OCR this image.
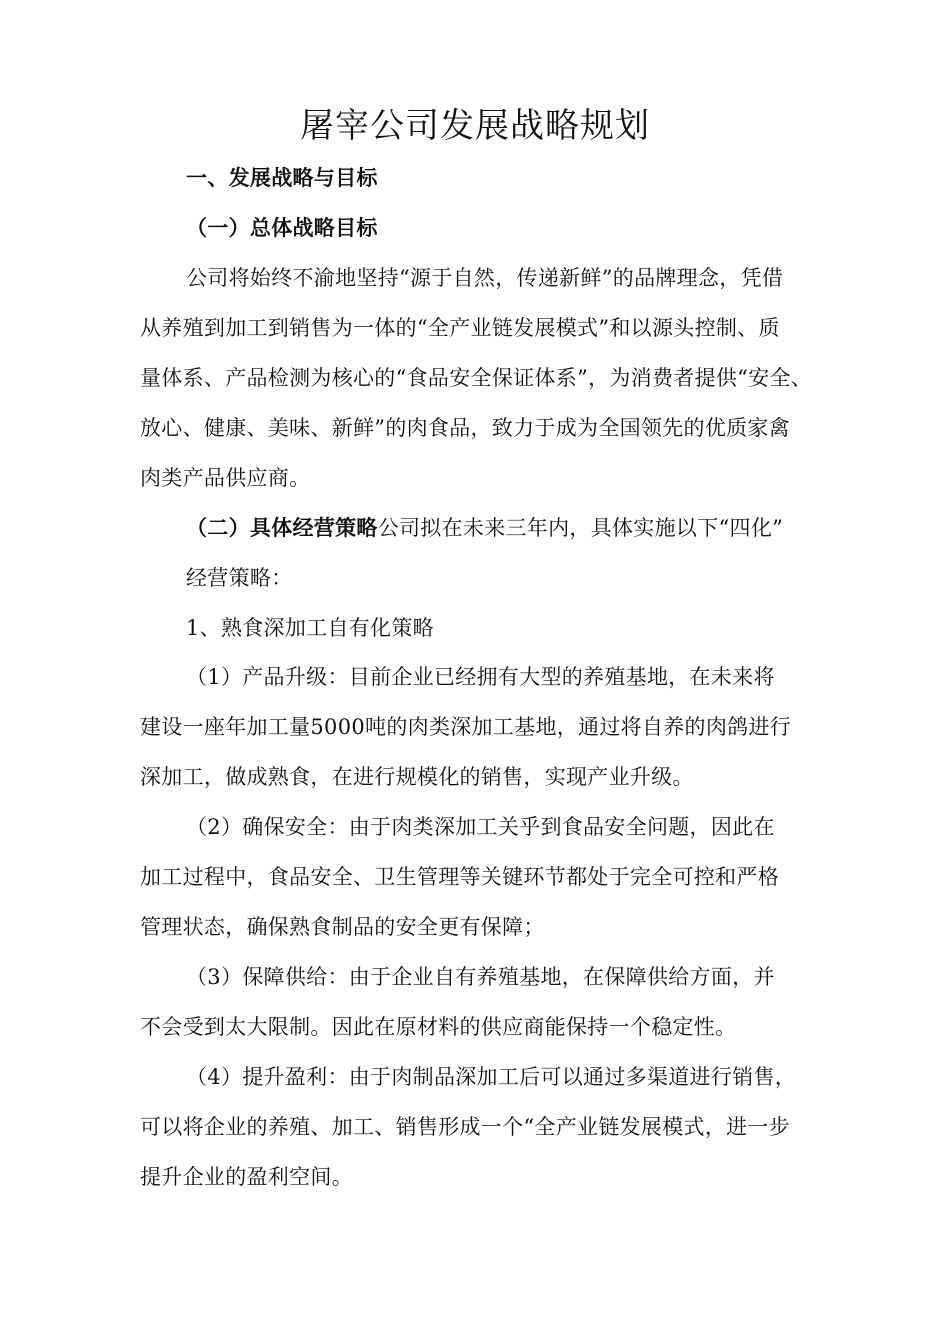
屠宰公司发展战略规划
一、发展战略与目标
（一）总体战略目标
公司将始终不渝地坚持“源于自然，传递新鲜”的品牌理念，凭借
从养殖到加工到销售为一体的“全产业链发展模式”和以源头控制、质
量体系、产品检测为核心的“食品安全保证体系”，为消费者提供“安全、
放心、健康、美味、新鲜”的肉食品，致力于成为全国领先的优质家禽
肉类产品供应商。
（二）具体经营策略公司拟在未来三年内，具体实施以下“四化”
经营策略：
1、熟食深加工自有化策略
（1）产品升级：目前企业已经拥有大型的养殖基地，在未来将
建设一座年加工量5000吨的肉类深加工基地，通过将自养的肉鸽进行
深加工，做成熟食，在进行规模化的销售，实现产业升级。
（2）确保安全：由于肉类深加工关乎到食品安全问题，因此在
加工过程中，食品安全、卫生管理等关键环节都处于完全可控和严格
管理状态，确保熟食制品的安全更有保障；
（3）保障供给：由于企业自有养殖基地，在保障供给方面，并
不会受到太大限制。因此在原材料的供应商能保持一个稳定性。
（4）提升盈利：由于肉制品深加工后可以通过多渠道进行销售，
可以将企业的养殖、加工、销售形成一个“全产业链发展模式，进一步
提升企业的盈利空间。
